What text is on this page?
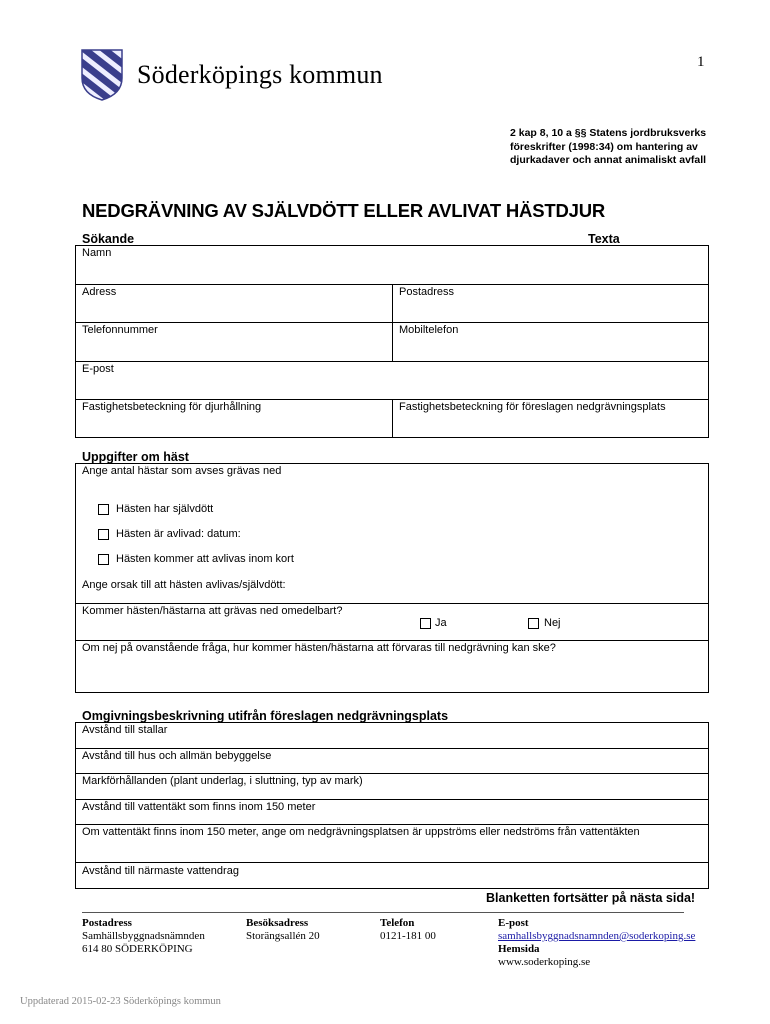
1
Söderköpings kommun
2 kap 8, 10 a §§ Statens jordbruksverks föreskrifter (1998:34) om hantering av djurkadaver och annat animaliskt avfall
NEDGRÄVNING AV SJÄLVDÖTT ELLER AVLIVAT HÄSTDJUR
Sökande	Texta
Namn
Adress	Postadress
Telefonnummer	Mobiltelefon
E-post
Fastighetsbeteckning för djurhållning	Fastighetsbeteckning för föreslagen nedgrävningsplats
Uppgifter om häst
Ange antal hästar som avses grävas ned
Hästen har självdött
Hästen är avlivad: datum:
Hästen kommer att avlivas inom kort
Ange orsak till att hästen avlivas/självdött:
Kommer hästen/hästarna att grävas ned omedelbart?
Ja	Nej
Om nej på ovanstående fråga, hur kommer hästen/hästarna att förvaras till nedgrävning kan ske?
Omgivningsbeskrivning utifrån föreslagen nedgrävningsplats
Avstånd till stallar
Avstånd till hus och allmän bebyggelse
Markförhållanden (plant underlag, i sluttning, typ av mark)
Avstånd till vattentäkt som finns inom 150 meter
Om vattentäkt finns inom 150 meter, ange om nedgrävningsplatsen är uppströms eller nedströms från vattentäkten
Avstånd till närmaste vattendrag
Blanketten fortsätter på nästa sida!
Postadress
Samhällsbyggnadsnämnden
614 80 SÖDERKÖPING
Besöksadress
Storängsallén 20
Telefon
0121-181 00
E-post
samhallsbyggnadsnamnden@soderkoping.se
Hemsida
www.soderkoping.se
Uppdaterad 2015-02-23 Söderköpings kommun
